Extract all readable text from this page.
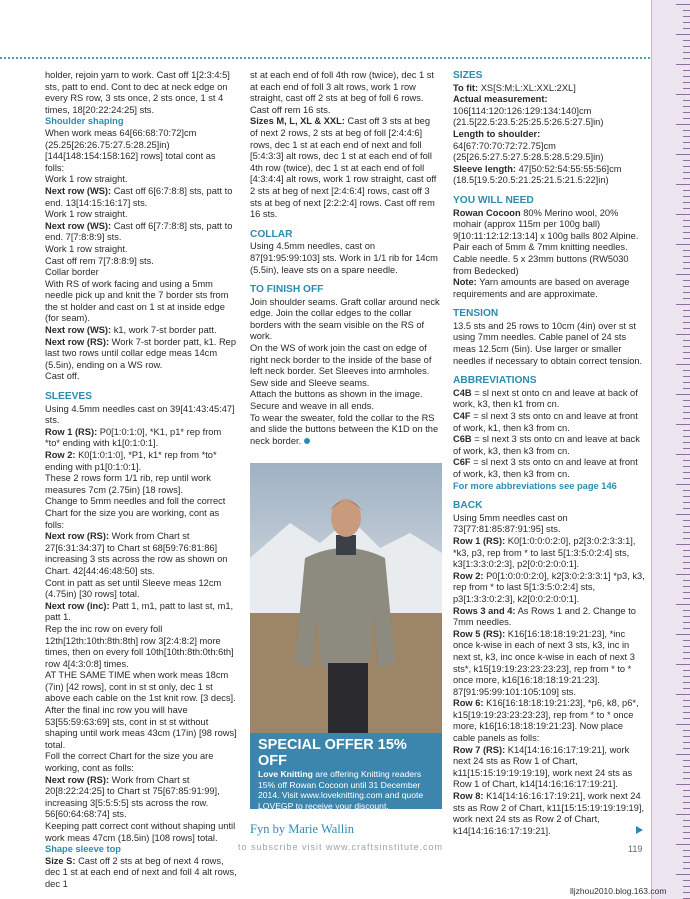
holder, rejoin yarn to work. Cast off 1[2:3:4:5] sts, patt to end. Cont to dec at neck edge on every RS row, 3 sts once, 2 sts once, 1 st 4 times, 18[20:22:24:25] sts.

Shoulder shaping

When work meas 64[66:68:70:72]cm (25.25[26:26.75:27.5:28.25]in) [144[148:154:158:162] rows] total cont as folls:

Work 1 row straight.

Next row (WS): Cast off 6[6:7:8:8] sts, patt to end. 13[14:15:16:17] sts.

Work 1 row straight.

Next row (WS): Cast off 6[7:7:8:8] sts, patt to end. 7[7:8:8:9] sts.

Work 1 row straight.

Cast off rem 7[7:8:8:9] sts.

Collar border

With RS of work facing and using a 5mm needle pick up and knit the 7 border sts from the st holder and cast on 1 st at inside edge (for seam).

Next row (WS): k1, work 7-st border patt.

Next row (RS): Work 7-st border patt, k1. Rep last two rows until collar edge meas 14cm (5.5in), ending on a WS row.

Cast off.

SLEEVES

Using 4.5mm needles cast on 39[41:43:45:47] sts.

Row 1 (RS): P0[1:0:1:0], *K1, p1* rep from *to* ending with k1[0:1:0:1].

Row 2: K0[1:0:1:0], *P1, k1* rep from *to* ending with p1[0:1:0:1].

These 2 rows form 1/1 rib, rep until work measures 7cm (2.75in) [18 rows].

Change to 5mm needles and foll the correct Chart for the size you are working, cont as folls:

Next row (RS): Work from Chart st 27[6:31:34:37] to Chart st 68[59:76:81:86] increasing 3 sts across the row as shown on Chart. 42[44:46:48:50] sts.

Cont in patt as set until Sleeve meas 12cm (4.75in) [30 rows] total.

Next row (inc): Patt 1, m1, patt to last st, m1, patt 1.

Rep the inc row on every foll 12th[12th:10th:8th:8th] row 3[2:4:8:2] more times, then on every foll 10th[10th:8th:0th:6th] row 4[4:3:0:8] times.

AT THE SAME TIME when work meas 18cm (7in) [42 rows], cont in st st only, dec 1 st above each cable on the 1st knit row. [3 decs].

After the final inc row you will have 53[55:59:63:69] sts, cont in st st without shaping until work meas 43cm (17in) [98 rows] total.

Foll the correct Chart for the size you are working, cont as folls:

Next row (RS): Work from Chart st 20[8:22:24:25] to Chart st 75[67:85:91:99], increasing 3[5:5:5:5] sts across the row. 56[60:64:68:74] sts.

Keeping patt correct cont without shaping until work meas 47cm (18.5in) [108 rows] total.

Shape sleeve top

Size S: Cast off 2 sts at beg of next 4 rows, dec 1 st at each end of next and foll 4 alt rows, dec 1

st at each end of foll 4th row (twice), dec 1 st at each end of foll 3 alt rows, work 1 row straight, cast off 2 sts at beg of foll 6 rows. Cast off rem 16 sts.

Sizes M, L, XL & XXL: Cast off 3 sts at beg of next 2 rows, 2 sts at beg of foll [2:4:4:6] rows, dec 1 st at each end of next and foll [5:4:3:3] alt rows, dec 1 st at each end of foll 4th row (twice), dec 1 st at each end of foll [4:3:4:4] alt rows, work 1 row straight, cast off 2 sts at beg of next [2:4:6:4] rows, cast off 3 sts at beg of next [2:2:2:4] rows. Cast off rem 16 sts.

COLLAR

Using 4.5mm needles, cast on 87[91:95:99:103] sts. Work in 1/1 rib for 14cm (5.5in), leave sts on a spare needle.

TO FINISH OFF

Join shoulder seams. Graft collar around neck edge. Join the collar edges to the collar borders with the seam visible on the RS of work.

On the WS of work join the cast on edge of right neck border to the inside of the base of left neck border. Set Sleeves into armholes. Sew side and Sleeve seams.

Attach the buttons as shown in the image. Secure and weave in all ends.

To wear the sweater, fold the collar to the RS and slide the buttons between the K1D on the neck border.

SPECIAL OFFER 15% OFF
Love Knitting are offering Knitting readers 15% off Rowan Cocoon until 31 December 2014. Visit www.loveknitting.com and quote LOVEGP to receive your discount.
Fyn by Marie Wallin

SIZES

To fit: XS[S:M:L:XL:XXL:2XL]

Actual measurement:

106[114:120:126:129:134:140]cm (21.5[22.5:23.5:25:25.5:26.5:27.5]in)

Length to shoulder: 64[67:70:70:72:72.75]cm (25[26.5:27.5:27.5:28.5:28.5:29.5]in)

Sleeve length: 47[50:52:54:55:55:56]cm (18.5[19.5:20.5:21.25:21.5:21.5:22]in)

YOU WILL NEED

Rowan Cocoon 80% Merino wool, 20% mohair (approx 115m per 100g ball) 9[10:11:12:12:13:14] x 100g balls 802 Alpine. Pair each of 5mm & 7mm knitting needles. Cable needle. 5 x 23mm buttons (RW5030 from Bedecked)

Note: Yarn amounts are based on average requirements and are approximate.

TENSION

13.5 sts and 25 rows to 10cm (4in) over st st using 7mm needles. Cable panel of 24 sts meas 12.5cm (5in). Use larger or smaller needles if necessary to obtain correct tension.

ABBREVIATIONS

C4B = sl next st onto cn and leave at back of work, k3, then k1 from cn.

C4F = sl next 3 sts onto cn and leave at front of work, k1, then k3 from cn.

C6B = sl next 3 sts onto cn and leave at back of work, k3, then k3 from cn.

C6F = sl next 3 sts onto cn and leave at front of work, k3, then k3 from cn.

For more abbreviations see page 146

BACK

Using 5mm needles cast on 73[77:81:85:87:91:95] sts.

Row 1 (RS): K0[1:0:0:0:2:0], p2[3:0:2:3:3:1], *k3, p3, rep from * to last 5[1:3:5:0:2:4] sts, k3[1:3:3:0:2:3], p2[0:0:2:0:0:1].

Row 2: P0[1:0:0:0:2:0], k2[3:0:2:3:3:1] *p3, k3, rep from * to last 5[1:3:5:0:2:4] sts, p3[1:3:3:0:2:3], k2[0:0:2:0:0:1].

Rows 3 and 4: As Rows 1 and 2. Change to 7mm needles.

Row 5 (RS): K16[16:18:18:19:21:23], *inc once k-wise in each of next 3 sts, k3, inc in next st, k3, inc once k-wise in each of next 3 sts*, k15[19:19:23:23:23:23], rep from * to * once more, k16[16:18:18:19:21:23]. 87[91:95:99:101:105:109] sts.

Row 6: K16[16:18:18:19:21:23], *p6, k8, p6*, k15[19:19:23:23:23:23], rep from * to * once more, k16[16:18:18:19:21:23]. Now place cable panels as folls:

Row 7 (RS): K14[14:16:16:17:19:21], work next 24 sts as Row 1 of Chart, k11[15:15:19:19:19:19], work next 24 sts as Row 1 of Chart, k14[14:16:16:17:19:21].

Row 8: K14[14:16:16:17:19:21], work next 24 sts as Row 2 of Chart, k11[15:15:19:19:19:19], work next 24 sts as Row 2 of Chart, k14[14:16:16:17:19:21].

to subscribe visit www.craftsinstitute.com	119
lljzhou2010.blog.163.com
